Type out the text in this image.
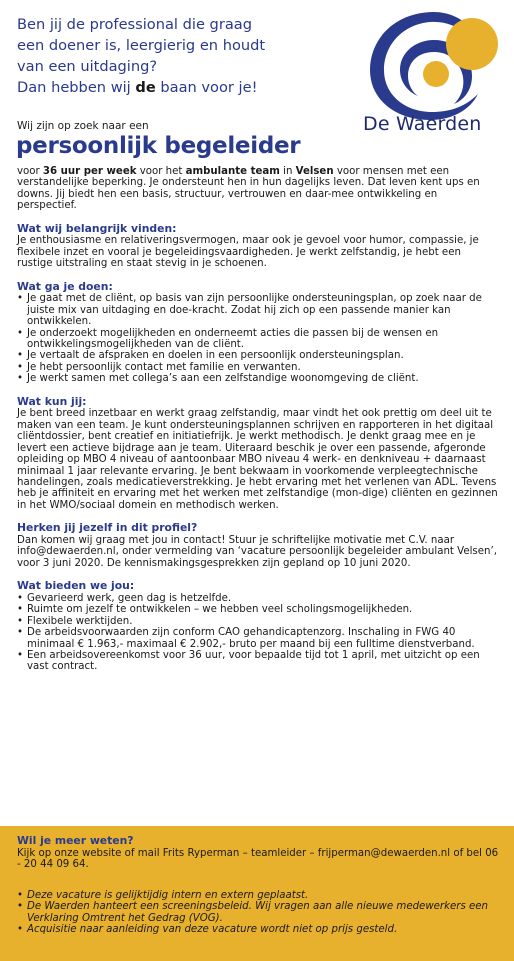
Ben jij de professional die graag
een doener is, leergierig en houdt
van een uitdaging?
Dan hebben wij de baan voor je!
De Waerden
Wij zijn op zoek naar een
persoonlijk begeleider

voor 36 uur per week voor het ambulante team in Velsen voor mensen met een verstandelijke beperking. Je ondersteunt hen in hun dagelijks leven. Dat leven kent ups en downs. Jij biedt hen een basis, structuur, vertrouwen en daar-mee ontwikkeling en perspectief.

Wat wij belangrijk vinden:

Je enthousiasme en relativeringsvermogen, maar ook je gevoel voor humor, compassie, je flexibele inzet en vooral je begeleidingsvaardigheden. Je werkt zelfstandig, je hebt een rustige uitstraling en staat stevig in je schoenen.

Wat ga je doen:
• Je gaat met de cliënt, op basis van zijn persoonlijke ondersteuningsplan, op zoek naar de juiste mix van uitdaging en doe-kracht. Zodat hij zich op een passende manier kan ontwikkelen.
• Je onderzoekt mogelijkheden en onderneemt acties die passen bij de wensen en ontwikkelingsmogelijkheden van de cliënt.
• Je vertaalt de afspraken en doelen in een persoonlijk ondersteuningsplan.
• Je hebt persoonlijk contact met familie en verwanten.
• Je werkt samen met collega’s aan een zelfstandige woonomgeving de cliënt.
Wat kun jij:

Je bent breed inzetbaar en werkt graag zelfstandig, maar vindt het ook prettig om deel uit te maken van een team. Je kunt ondersteuningsplannen schrijven en rapporteren in het digitaal cliëntdossier, bent creatief en initiatiefrijk. Je werkt methodisch. Je denkt graag mee en je levert een actieve bijdrage aan je team. Uiteraard beschik je over een passende, afgeronde opleiding op MBO 4 niveau of aantoonbaar MBO niveau 4 werk- en denkniveau + daarnaast minimaal 1 jaar relevante ervaring. Je bent bekwaam in voorkomende verpleegtechnische handelingen, zoals medicatieverstrekking. Je hebt ervaring met het verlenen van ADL. Tevens heb je affiniteit en ervaring met het werken met zelfstandige (mon-dige) cliënten en gezinnen in het WMO/sociaal domein en methodisch werken.

Herken jij jezelf in dit profiel?

Dan komen wij graag met jou in contact! Stuur je schriftelijke motivatie met C.V. naar info@dewaerden.nl, onder vermelding van ‘vacature persoonlijk begeleider ambulant Velsen’, voor 3 juni 2020. De kennismakingsgesprekken zijn gepland op 10 juni 2020.

Wat bieden we jou:
• Gevarieerd werk, geen dag is hetzelfde.
• Ruimte om jezelf te ontwikkelen – we hebben veel scholingsmogelijkheden.
• Flexibele werktijden.
• De arbeidsvoorwaarden zijn conform CAO gehandicaptenzorg. Inschaling in FWG 40 minimaal € 1.963,- maximaal € 2.902,- bruto per maand bij een fulltime dienstverband.
• Een arbeidsovereenkomst voor 36 uur, voor bepaalde tijd tot 1 april, met uitzicht op een vast contract.
Wil je meer weten?

Kijk op onze website of mail Frits Ryperman – teamleider – frijperman@dewaerden.nl of bel 06 - 20 44 09 64.

• Deze vacature is gelijktijdig intern en extern geplaatst.
• De Waerden hanteert een screeningsbeleid. Wij vragen aan alle nieuwe medewerkers een Verklaring Omtrent het Gedrag (VOG).
• Acquisitie naar aanleiding van deze vacature wordt niet op prijs gesteld.
